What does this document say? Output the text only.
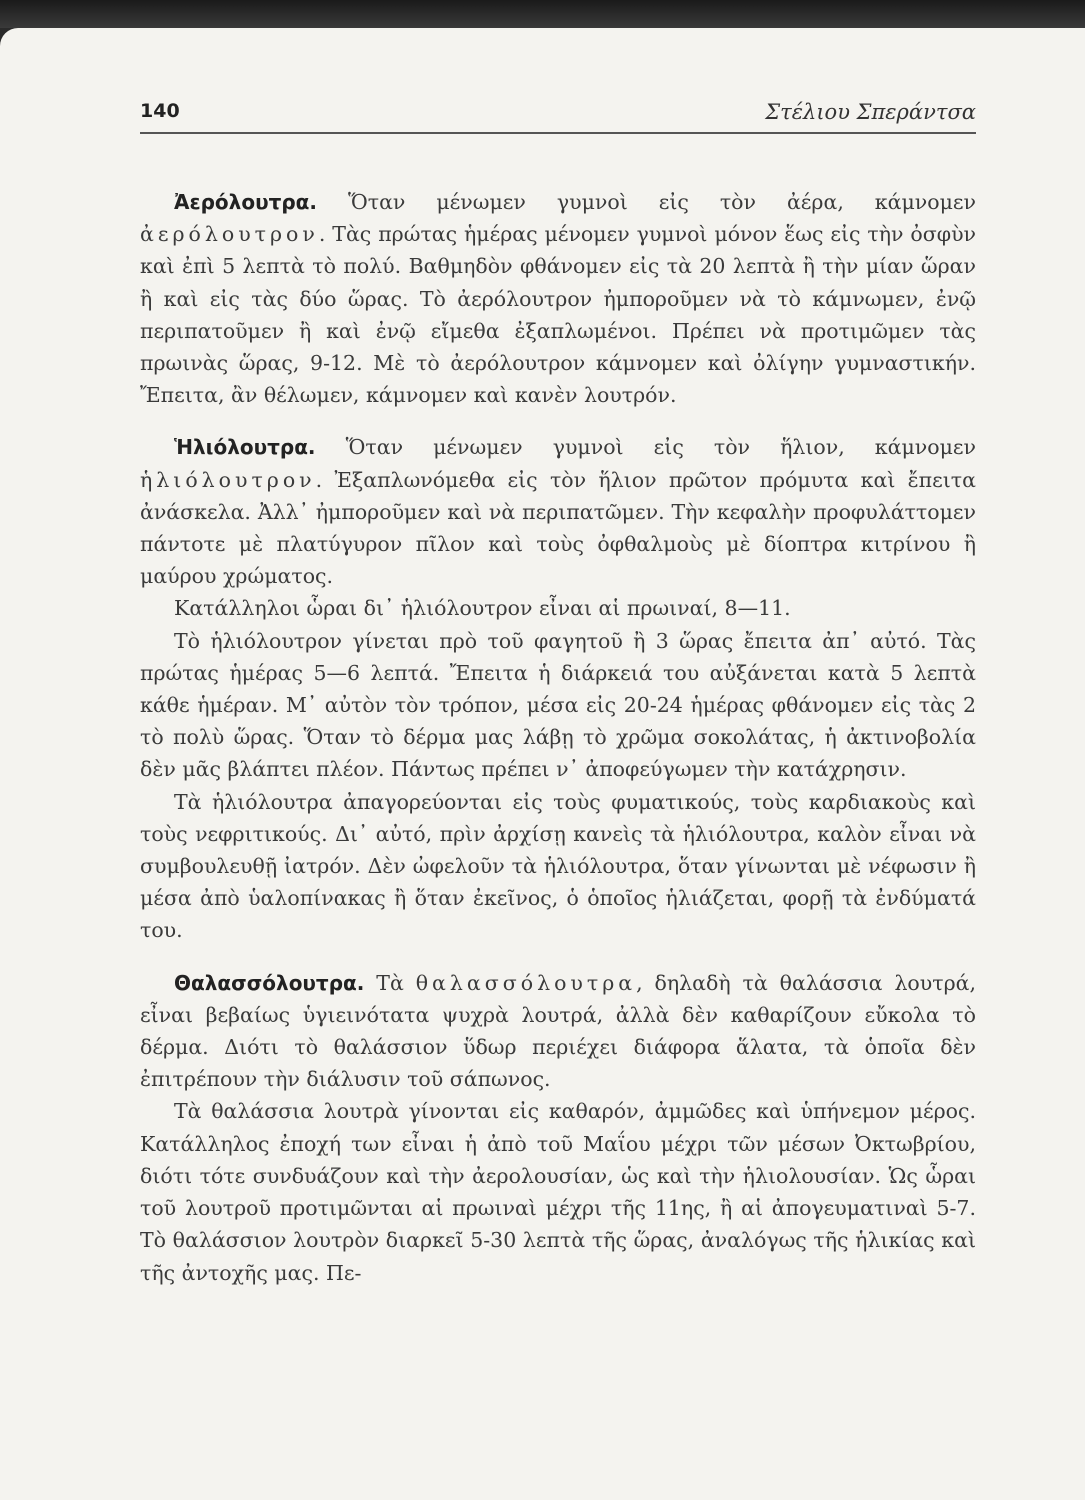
140	Στέλιου Σπεράντσα

Ἀερόλουτρα. Ὅταν μένωμεν γυμνοὶ εἰς τὸν ἀέρα, κάμνομεν ἀερόλουτρον. Τὰς πρώτας ἡμέρας μένομεν γυμνοὶ μόνον ἕως εἰς τὴν ὀσφὺν καὶ ἐπὶ 5 λεπτὰ τὸ πολύ. Βαθμηδὸν φθάνομεν εἰς τὰ 20 λεπτὰ ἢ τὴν μίαν ὥραν ἢ καὶ εἰς τὰς δύο ὥρας. Τὸ ἀερόλουτρον ἠμποροῦμεν νὰ τὸ κάμνωμεν, ἐνῷ περιπατοῦμεν ἢ καὶ ἐνῷ εἴμεθα ἐξαπλωμένοι. Πρέπει νὰ προτιμῶμεν τὰς πρωινὰς ὥρας, 9-12. Μὲ τὸ ἀερόλουτρον κάμνομεν καὶ ὀλίγην γυμναστικήν. Ἔπειτα, ἂν θέλωμεν, κάμνομεν καὶ κανὲν λουτρόν.

Ἡλιόλουτρα. Ὅταν μένωμεν γυμνοὶ εἰς τὸν ἥλιον, κάμνομεν ἡλιόλουτρον. Ἐξαπλωνόμεθα εἰς τὸν ἥλιον πρῶτον πρόμυτα καὶ ἔπειτα ἀνάσκελα. Ἀλλ᾽ ἠμποροῦμεν καὶ νὰ περιπατῶμεν. Τὴν κεφαλὴν προφυλάττομεν πάντοτε μὲ πλατύγυρον πῖλον καὶ τοὺς ὀφθαλμοὺς μὲ δίοπτρα κιτρίνου ἢ μαύρου χρώματος.

Κατάλληλοι ὧραι δι᾽ ἡλιόλουτρον εἶναι αἱ πρωιναί, 8—11.

Τὸ ἡλιόλουτρον γίνεται πρὸ τοῦ φαγητοῦ ἢ 3 ὥρας ἔπειτα ἀπ᾽ αὐτό. Τὰς πρώτας ἡμέρας 5—6 λεπτά. Ἔπειτα ἡ διάρκειά του αὐξάνεται κατὰ 5 λεπτὰ κάθε ἡμέραν. Μ᾽ αὐτὸν τὸν τρόπον, μέσα εἰς 20-24 ἡμέρας φθάνομεν εἰς τὰς 2 τὸ πολὺ ὥρας. Ὅταν τὸ δέρμα μας λάβῃ τὸ χρῶμα σοκολάτας, ἡ ἀκτινοβολία δὲν μᾶς βλάπτει πλέον. Πάντως πρέπει ν᾽ ἀποφεύγωμεν τὴν κατάχρησιν.

Τὰ ἡλιόλουτρα ἀπαγορεύονται εἰς τοὺς φυματικούς, τοὺς καρδιακοὺς καὶ τοὺς νεφριτικούς. Δι᾽ αὐτό, πρὶν ἀρχίσῃ κανεὶς τὰ ἡλιόλουτρα, καλὸν εἶναι νὰ συμβουλευθῇ ἰατρόν. Δὲν ὠφελοῦν τὰ ἡλιόλουτρα, ὅταν γίνωνται μὲ νέφωσιν ἢ μέσα ἀπὸ ὑαλοπίνακας ἢ ὅταν ἐκεῖνος, ὁ ὁποῖος ἡλιάζεται, φορῇ τὰ ἐνδύματά του.

Θαλασσόλουτρα. Τὰ θαλασσόλουτρα, δηλαδὴ τὰ θαλάσσια λουτρά, εἶναι βεβαίως ὑγιεινότατα ψυχρὰ λουτρά, ἀλλὰ δὲν καθαρίζουν εὔκολα τὸ δέρμα. Διότι τὸ θαλάσσιον ὕδωρ περιέχει διάφορα ἅλατα, τὰ ὁποῖα δὲν ἐπιτρέπουν τὴν διάλυσιν τοῦ σάπωνος.

Τὰ θαλάσσια λουτρὰ γίνονται εἰς καθαρόν, ἀμμῶδες καὶ ὑπήνεμον μέρος. Κατάλληλος ἐποχή των εἶναι ἡ ἀπὸ τοῦ Μαΐου μέχρι τῶν μέσων Ὀκτωβρίου, διότι τότε συνδυάζουν καὶ τὴν ἀερολουσίαν, ὡς καὶ τὴν ἡλιολουσίαν. Ὡς ὧραι τοῦ λουτροῦ προτιμῶνται αἱ πρωιναὶ μέχρι τῆς 11ης, ἢ αἱ ἀπογευματιναὶ 5-7. Τὸ θαλάσσιον λουτρὸν διαρκεῖ 5-30 λεπτὰ τῆς ὥρας, ἀναλόγως τῆς ἡλικίας καὶ τῆς ἀντοχῆς μας. Πε-
